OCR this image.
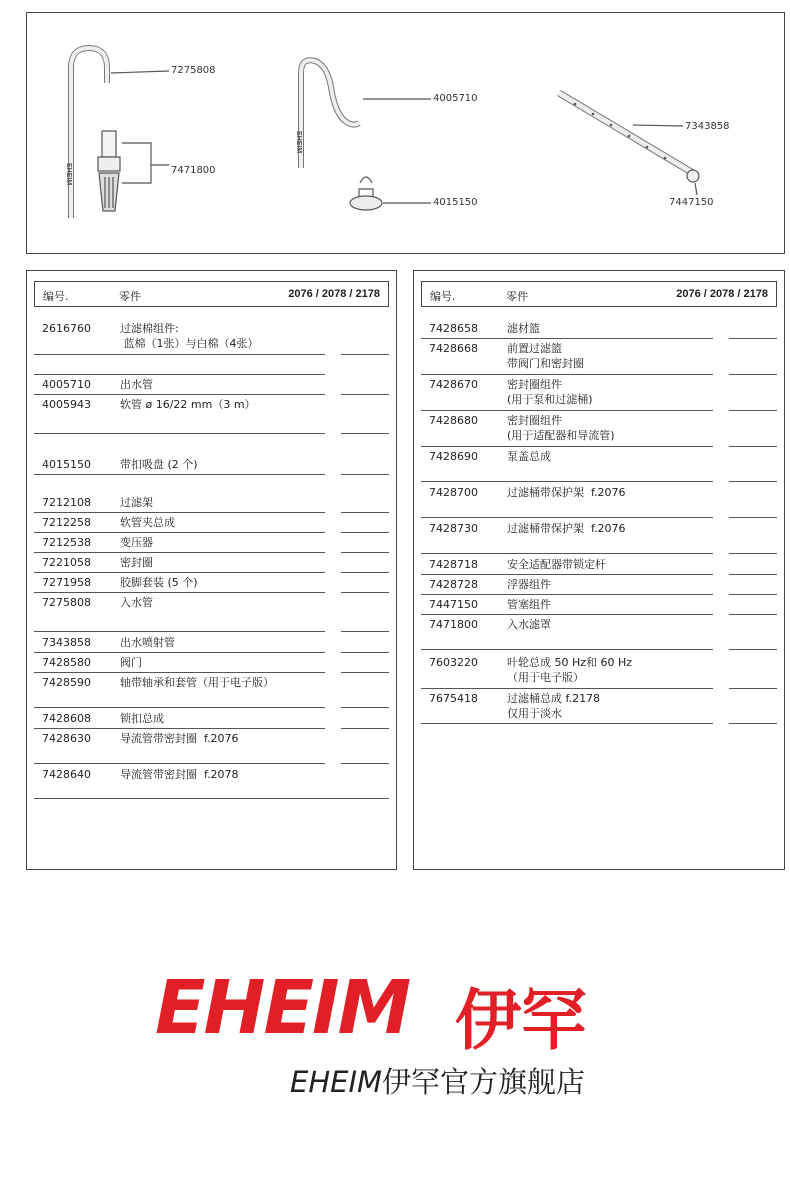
EHEIM
EHEIM
7275808
7471800
4005710
4015150
7343858
7447150
编号.	零件	2076 / 2078 / 2178
2616760	过滤棉组件:
蓝棉（1张）与白棉（4张）
4005710	出水管
4005943	软管 ø 16/22 mm（3 m）
4015150	带扣吸盘 (2 个)
7212108	过滤架
7212258	软管夹总成
7212538	变压器
7221058	密封圈
7271958	胶脚套装 (5 个)
7275808	入水管
7343858	出水喷射管
7428580	阀门
7428590	轴带轴承和套管（用于电子版）
7428608	锁扣总成
7428630	导流管带密封圈  f.2076
7428640	导流管带密封圈  f.2078
编号.	零件	2076 / 2078 / 2178
7428658	滤材篮
7428668	前置过滤篮
带阀门和密封圈
7428670	密封圈组件
(用于泵和过滤桶)
7428680	密封圈组件
(用于适配器和导流管)
7428690	泵盖总成
7428700	过滤桶带保护架  f.2076
7428730	过滤桶带保护架  f.2076
7428718	安全适配器带锁定杆
7428728	浮器组件
7447150	管塞组件
7471800	入水滤罩
7603220	叶轮总成 50 Hz和 60 Hz
（用于电子版）
7675418	过滤桶总成 f.2178
仅用于淡水
EHEIM 伊罕
EHEIM伊罕官方旗舰店
